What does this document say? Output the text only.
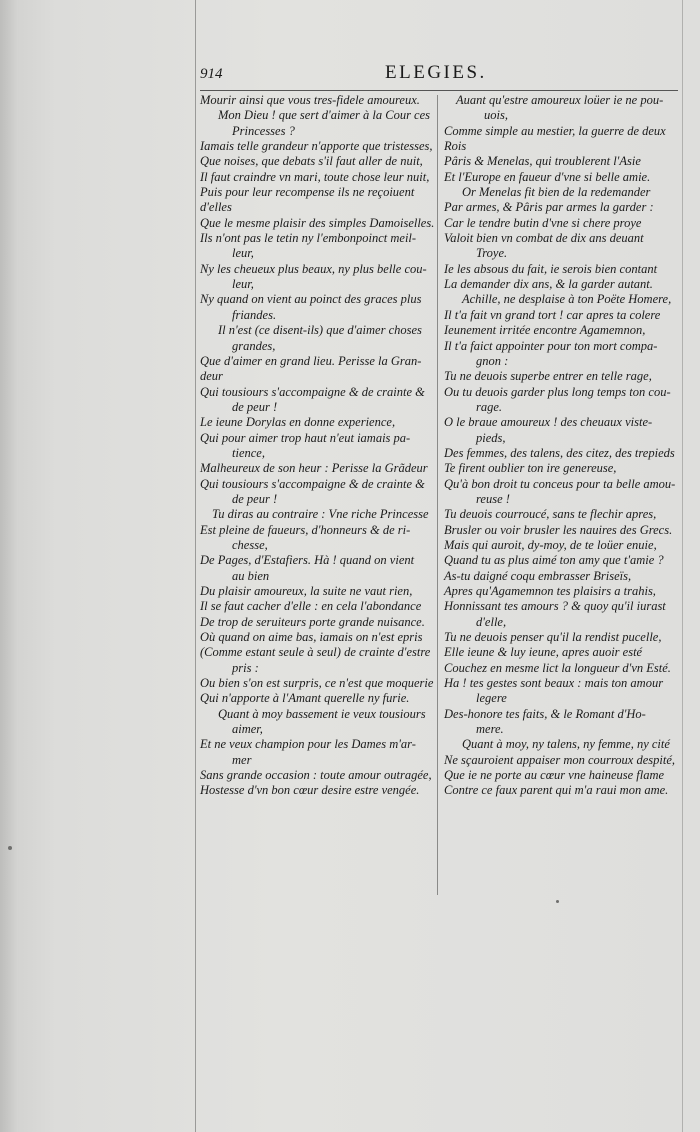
914	ELEGIES.
Mourir ainsi que vous tres-fidele amoureux.
Mon Dieu ! que sert d'aimer à la Cour ces
Princesses ?
Iamais telle grandeur n'apporte que tristesses,
Que noises, que debats s'il faut aller de nuit,
Il faut craindre vn mari, toute chose leur nuit,
Puis pour leur recompense ils ne reçoiuent
d'elles
Que le mesme plaisir des simples Damoiselles.
Ils n'ont pas le tetin ny l'embonpoinct meil-
leur,
Ny les cheueux plus beaux, ny plus belle cou-
leur,
Ny quand on vient au poinct des graces plus
friandes.
Il n'est (ce disent-ils) que d'aimer choses
grandes,
Que d'aimer en grand lieu. Perisse la Gran-
deur
Qui tousiours s'accompaigne & de crainte &
de peur !
Le ieune Dorylas en donne experience,
Qui pour aimer trop haut n'eut iamais pa-
tience,
Malheureux de son heur : Perisse la Grãdeur
Qui tousiours s'accompaigne & de crainte &
de peur !
Tu diras au contraire : Vne riche Princesse
Est pleine de faueurs, d'honneurs & de ri-
chesse,
De Pages, d'Estafiers. Hà ! quand on vient
au bien
Du plaisir amoureux, la suite ne vaut rien,
Il se faut cacher d'elle : en cela l'abondance
De trop de seruiteurs porte grande nuisance.
Où quand on aime bas, iamais on n'est epris
(Comme estant seule à seul) de crainte d'estre
pris :
Ou bien s'on est surpris, ce n'est que moquerie
Qui n'apporte à l'Amant querelle ny furie.
Quant à moy bassement ie veux tousiours
aimer,
Et ne veux champion pour les Dames m'ar-
mer
Sans grande occasion : toute amour outragée,
Hostesse d'vn bon cœur desire estre vengée.
Auant qu'estre amoureux loüer ie ne pou-
uois,
Comme simple au mestier, la guerre de deux
Rois
Pâris & Menelas, qui troublerent l'Asie
Et l'Europe en faueur d'vne si belle amie.
Or Menelas fit bien de la redemander
Par armes, & Pâris par armes la garder :
Car le tendre butin d'vne si chere proye
Valoit bien vn combat de dix ans deuant
Troye.
Ie les absous du fait, ie serois bien contant
La demander dix ans, & la garder autant.
Achille, ne desplaise à ton Poëte Homere,
Il t'a fait vn grand tort ! car apres ta colere
Ieunement irritée encontre Agamemnon,
Il t'a faict appointer pour ton mort compa-
gnon :
Tu ne deuois superbe entrer en telle rage,
Ou tu deuois garder plus long temps ton cou-
rage.
O le braue amoureux ! des cheuaux viste-
pieds,
Des femmes, des talens, des citez, des trepieds
Te firent oublier ton ire genereuse,
Qu'à bon droit tu conceus pour ta belle amou-
reuse !
Tu deuois courroucé, sans te flechir apres,
Brusler ou voir brusler les nauires des Grecs.
Mais qui auroit, dy-moy, de te loüer enuie,
Quand tu as plus aimé ton amy que t'amie ?
As-tu daigné coqu embrasser Briseïs,
Apres qu'Agamemnon tes plaisirs a trahis,
Honnissant tes amours ? & quoy qu'il iurast
d'elle,
Tu ne deuois penser qu'il la rendist pucelle,
Elle ieune & luy ieune, apres auoir esté
Couchez en mesme lict la longueur d'vn Esté.
Ha ! tes gestes sont beaux : mais ton amour
legere
Des-honore tes faits, & le Romant d'Ho-
mere.
Quant à moy, ny talens, ny femme, ny cité
Ne sçauroient appaiser mon courroux despité,
Que ie ne porte au cœur vne haineuse flame
Contre ce faux parent qui m'a raui mon ame.
